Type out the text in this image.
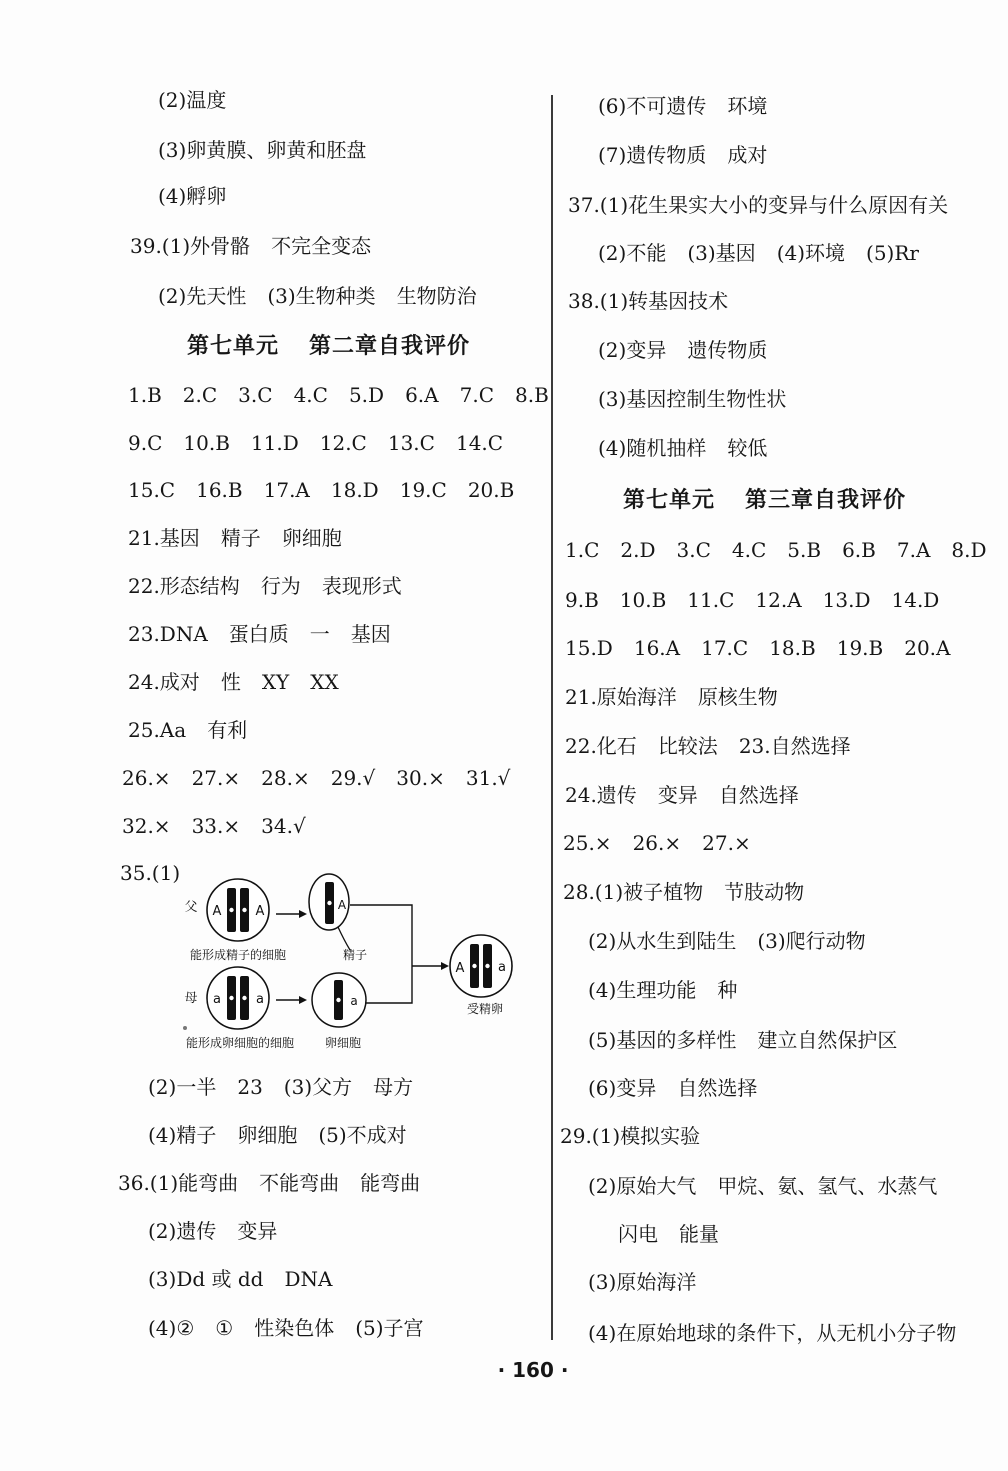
(2)温度
(3)卵黄膜、卵黄和胚盘
(4)孵卵
39.(1)外骨骼 不完全变态
(2)先天性 (3)生物种类 生物防治
第七单元 第二章自我评价
1.B 2.C 3.C 4.C 5.D 6.A 7.C 8.B
9.C 10.B 11.D 12.C 13.C 14.C
15.C 16.B 17.A 18.D 19.C 20.B
21.基因 精子 卵细胞
22.形态结构 行为 表现形式
23.DNA 蛋白质 一 基因
24.成对 性 XY XX
25.Aa 有利
26.× 27.× 28.× 29.√ 30.× 31.√
32.× 33.× 34.√
35.(1)
父 A	A	A
能形成精子的细胞	精子
母 a	a	a
能形成卵细胞的细胞	卵细胞
A	a
受精卵
(2)一半 23 (3)父方 母方
(4)精子 卵细胞 (5)不成对
36.(1)能弯曲 不能弯曲 能弯曲
(2)遗传 变异
(3)Dd 或 dd DNA
(4)② ① 性染色体 (5)子宫
(6)不可遗传 环境
(7)遗传物质 成对
37.(1)花生果实大小的变异与什么原因有关
(2)不能 (3)基因 (4)环境 (5)Rr
38.(1)转基因技术
(2)变异 遗传物质
(3)基因控制生物性状
(4)随机抽样 较低
第七单元 第三章自我评价
1.C 2.D 3.C 4.C 5.B 6.B 7.A 8.D
9.B 10.B 11.C 12.A 13.D 14.D
15.D 16.A 17.C 18.B 19.B 20.A
21.原始海洋 原核生物
22.化石 比较法 23.自然选择
24.遗传 变异 自然选择
25.× 26.× 27.×
28.(1)被子植物 节肢动物
(2)从水生到陆生 (3)爬行动物
(4)生理功能 种
(5)基因的多样性 建立自然保护区
(6)变异 自然选择
29.(1)模拟实验
(2)原始大气 甲烷、氨、氢气、水蒸气
闪电 能量
(3)原始海洋
(4)在原始地球的条件下，从无机小分子物
· 160 ·
